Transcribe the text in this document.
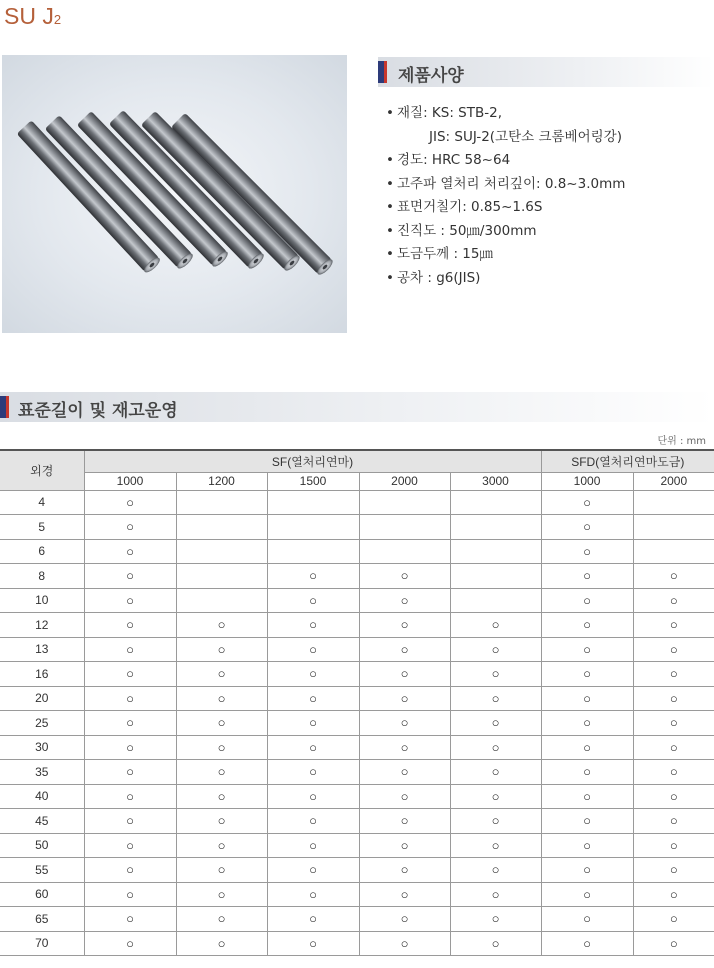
SU J2
제품사양
• 재질: KS: STB-2,
JIS: SUJ-2(고탄소 크롬베어링강)
• 경도: HRC 58~64
• 고주파 열처리 처리깊이: 0.8~3.0mm
• 표면거칠기: 0.85~1.6S
• 진직도 : 50㎛/300mm
• 도금두께 : 15㎛
• 공차 : g6(JIS)
표준길이 및 재고운영
단위 : mm
외경	SF(열처리연마)					SFD(열처리연마도금)	
	1000	1200	1500	2000	3000	1000	2000
4	○					○	
5	○					○	
6	○					○	
8	○		○	○		○	○
10	○		○	○		○	○
12	○	○	○	○	○	○	○
13	○	○	○	○	○	○	○
16	○	○	○	○	○	○	○
20	○	○	○	○	○	○	○
25	○	○	○	○	○	○	○
30	○	○	○	○	○	○	○
35	○	○	○	○	○	○	○
40	○	○	○	○	○	○	○
45	○	○	○	○	○	○	○
50	○	○	○	○	○	○	○
55	○	○	○	○	○	○	○
60	○	○	○	○	○	○	○
65	○	○	○	○	○	○	○
70	○	○	○	○	○	○	○
